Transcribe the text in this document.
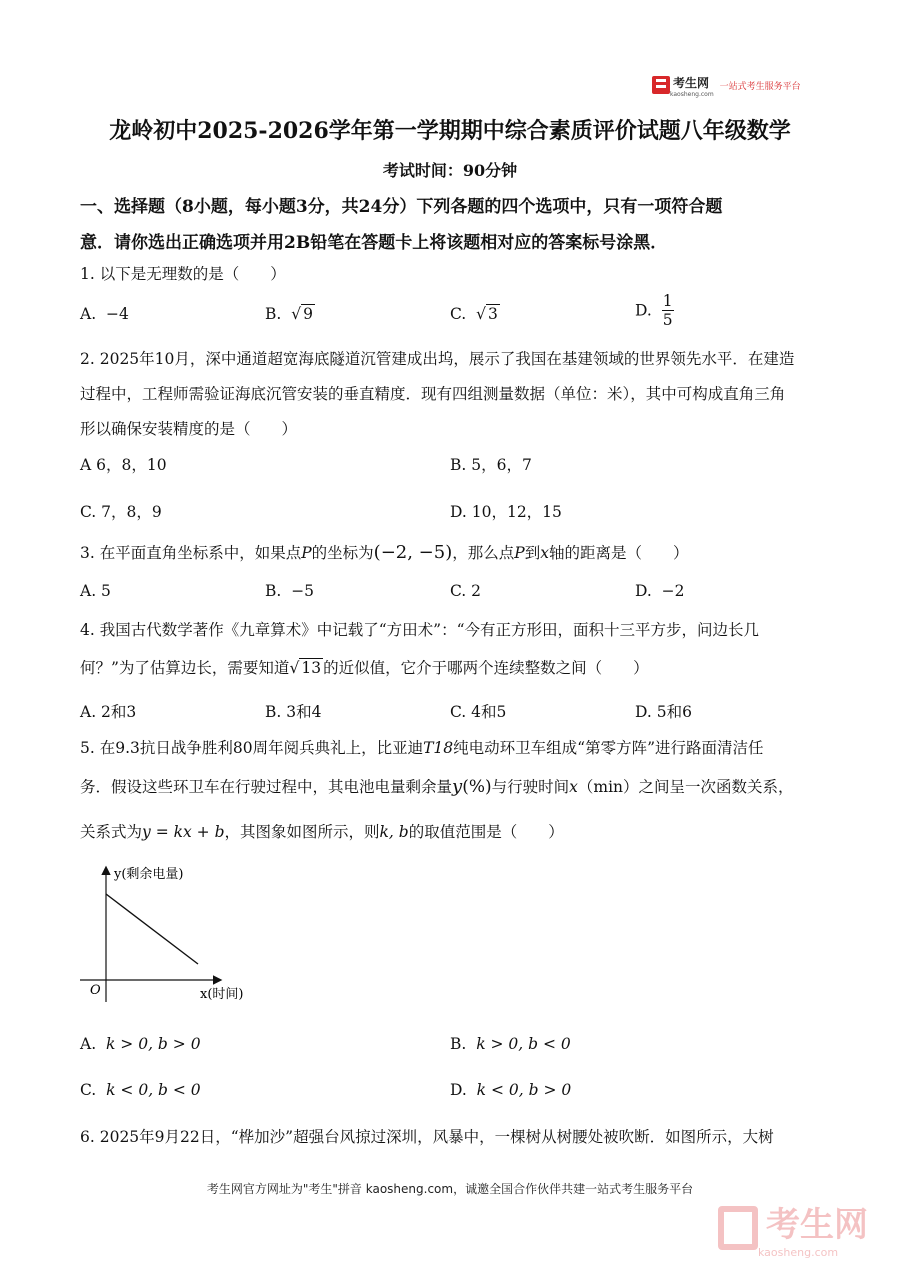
考生网
kaosheng.com
一站式考生服务平台
龙岭初中2025-2026学年第一学期期中综合素质评价试题八年级数学
考试时间：90分钟
一、选择题（8小题，每小题3分，共24分）下列各题的四个选项中，只有一项符合题
意．请你选出正确选项并用2B铅笔在答题卡上将该题相对应的答案标号涂黑．
1. 以下是无理数的是（　　）
A. −4	B. √ 9	C. √ 3	D. $\frac{1}{5}$
2. 2025年10月，深中通道超宽海底隧道沉管建成出坞，展示了我国在基建领域的世界领先水平．在建造
过程中，工程师需验证海底沉管安装的垂直精度．现有四组测量数据（单位：米），其中可构成直角三角
形以确保安装精度的是（　　）
A 6，8，10	B. 5，6，7
C. 7，8，9	D. 10，12，15
3. 在平面直角坐标系中，如果点P的坐标为(−2, −5)，那么点P到x轴的距离是（　　）
A. 5	B. −5	C. 2	D. −2
4. 我国古代数学著作《九章算术》中记载了“方田术”：“今有正方形田，面积十三平方步，问边长几
何？”为了估算边长，需要知道√ 13 的近似值，它介于哪两个连续整数之间（　　）
A. 2和3	B. 3和4	C. 4和5	D. 5和6
5. 在9.3抗日战争胜利80周年阅兵典礼上，比亚迪T18纯电动环卫车组成“第零方阵”进行路面清洁任
务．假设这些环卫车在行驶过程中，其电池电量剩余量y(%)与行驶时间x（min）之间呈一次函数关系，
关系式为y = kx + b，其图象如图所示，则k, b的取值范围是（　　）
y(剩余电量)
x(时间)
O
A. k > 0, b > 0	B. k > 0, b < 0
C. k < 0, b < 0	D. k < 0, b > 0
6. 2025年9月22日，“桦加沙”超强台风掠过深圳，风暴中，一棵树从树腰处被吹断．如图所示，大树
考生网官方网址为"考生"拼音 kaosheng.com，诚邀全国合作伙伴共建一站式考生服务平台
考生网
kaosheng.com
